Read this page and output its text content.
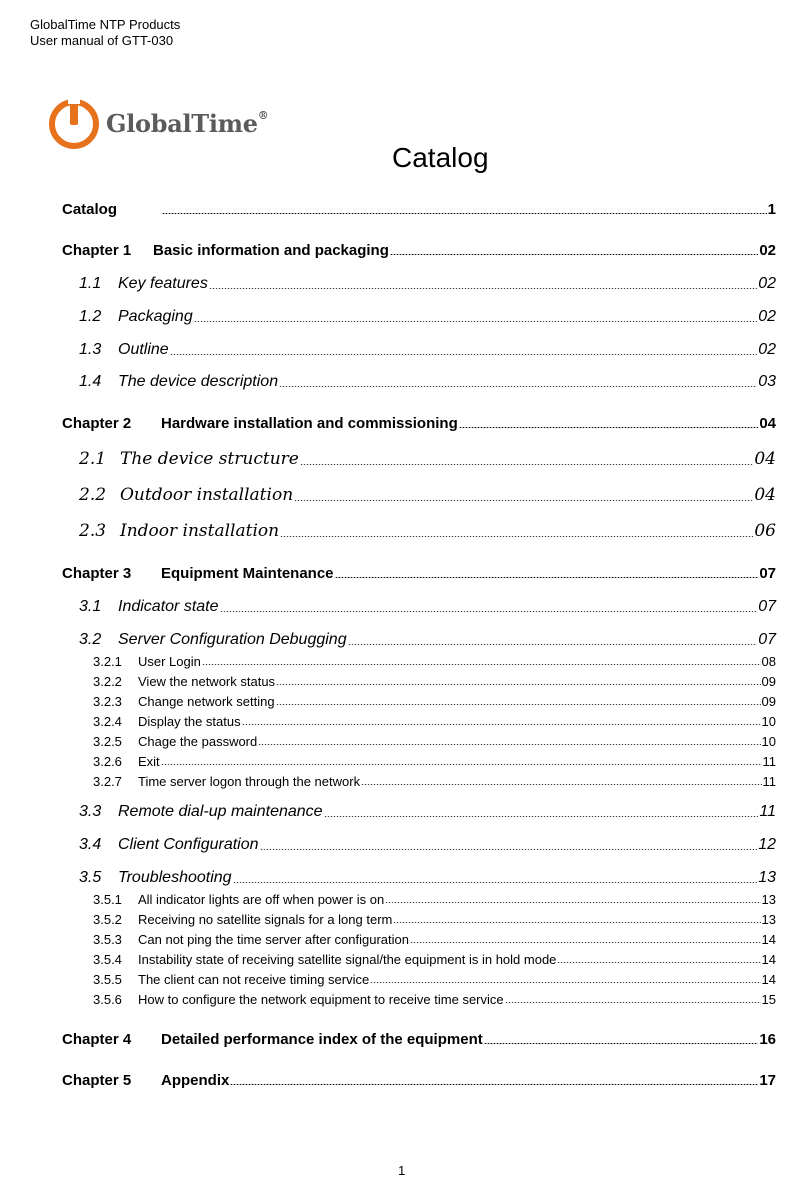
GlobalTime NTP Products
User manual of GTT-030
GlobalTime®
Catalog
Catalog	1
Chapter 1	Basic information and packaging	02
1.1	Key features	02
1.2	Packaging	02
1.3	Outline	02
1.4	The device description	03
Chapter 2	Hardware installation and commissioning	04
2.1 The device structure	04
2.2 Outdoor installation	04
2.3 Indoor installation	06
Chapter 3	Equipment Maintenance	07
3.1	Indicator state	07
3.2	Server Configuration Debugging	07
3.2.1	User Login	08
3.2.2	View the network status	09
3.2.3	Change network setting	09
3.2.4	Display the status	10
3.2.5	Chage the password	10
3.2.6	Exit	11
3.2.7	Time server logon through the network	11
3.3	Remote dial-up maintenance	11
3.4	Client Configuration	12
3.5	Troubleshooting	13
3.5.1	All indicator lights are off when power is on	13
3.5.2	Receiving no satellite signals for a long term	13
3.5.3	Can not ping the time server after configuration	14
3.5.4	Instability state of receiving satellite signal/the equipment is in hold mode	14
3.5.5	The client can not receive timing service	14
3.5.6	How to configure the network equipment to receive time service	15
Chapter 4	Detailed performance index of the equipment	16
Chapter 5	Appendix	17
1
